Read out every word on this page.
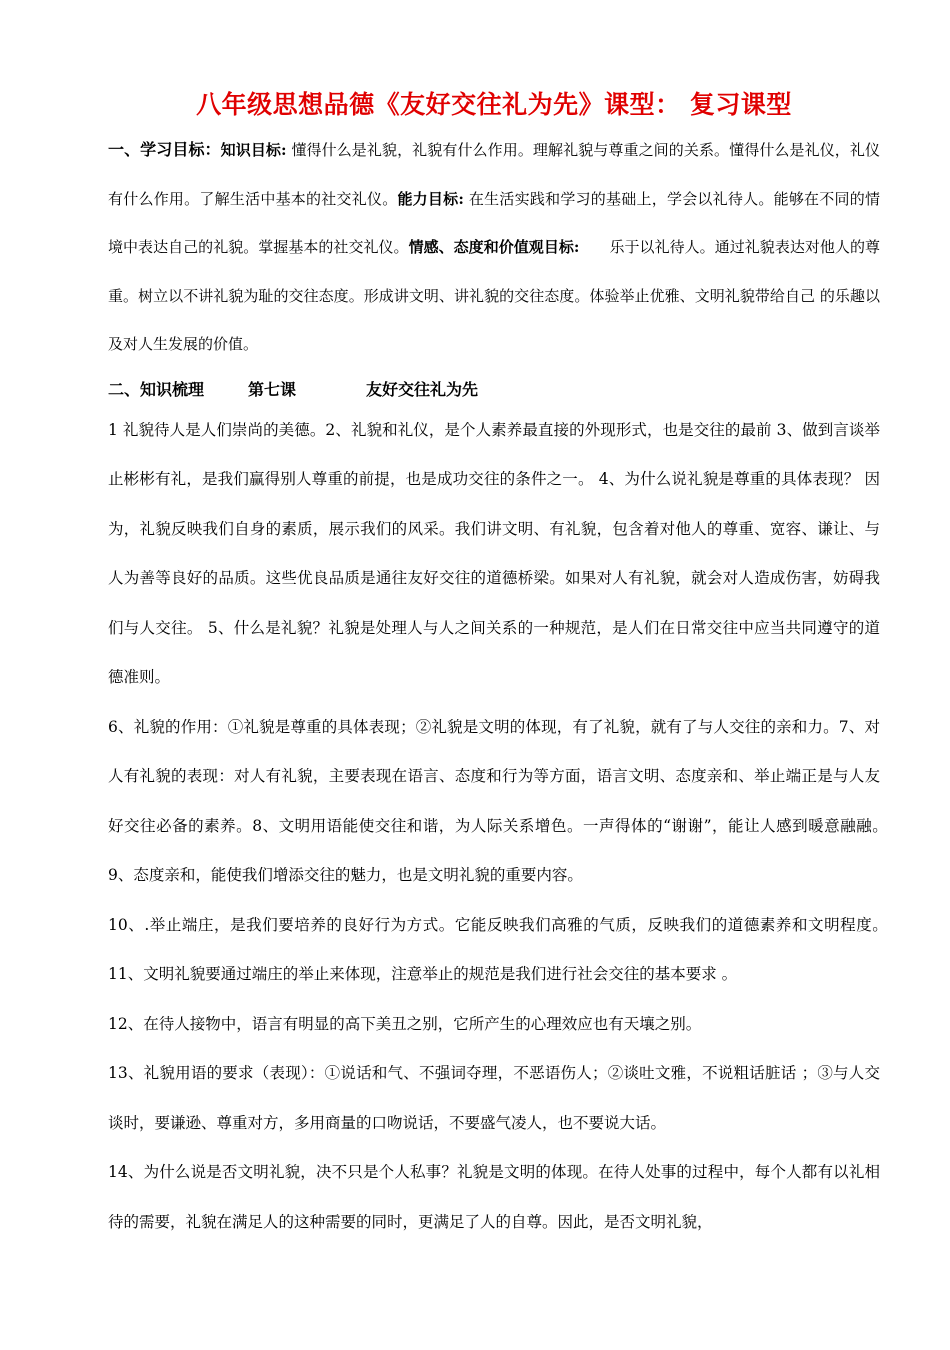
八年级思想品德《友好交往礼为先》课型： 复习课型

一、学习目标：知识目标: 懂得什么是礼貌，礼貌有什么作用。理解礼貌与尊重之间的关系。懂得什么是礼仪，礼仪有什么作用。了解生活中基本的社交礼仪。能力目标: 在生活实践和学习的基础上，学会以礼待人。能够在不同的情境中表达自己的礼貌。掌握基本的社交礼仪。情感、态度和价值观目标:　　乐于以礼待人。通过礼貌表达对他人的尊重。树立以不讲礼貌为耻的交往态度。形成讲文明、讲礼貌的交往态度。体验举止优雅、文明礼貌带给自己 的乐趣以及对人生发展的价值。

二、知识梳理	第七课	友好交往礼为先

1 礼貌待人是人们崇尚的美德。2、礼貌和礼仪，是个人素养最直接的外现形式，也是交往的最前 3、做到言谈举止彬彬有礼，是我们赢得别人尊重的前提，也是成功交往的条件之一。 4、为什么说礼貌是尊重的具体表现？ 因为，礼貌反映我们自身的素质，展示我们的风采。我们讲文明、有礼貌，包含着对他人的尊重、宽容、谦让、与人为善等良好的品质。这些优良品质是通往友好交往的道德桥梁。如果对人有礼貌，就会对人造成伤害，妨碍我们与人交往。 5、什么是礼貌？礼貌是处理人与人之间关系的一种规范，是人们在日常交往中应当共同遵守的道德准则。

6、礼貌的作用：①礼貌是尊重的具体表现；②礼貌是文明的体现，有了礼貌，就有了与人交往的亲和力。7、对人有礼貌的表现：对人有礼貌，主要表现在语言、态度和行为等方面，语言文明、态度亲和、举止端正是与人友好交往必备的素养。8、文明用语能使交往和谐，为人际关系增色。一声得体的“谢谢”，能让人感到暖意融融。　　9、态度亲和，能使我们增添交往的魅力，也是文明礼貌的重要内容。

10、.举止端庄，是我们要培养的良好行为方式。它能反映我们高雅的气质，反映我们的道德素养和文明程度。　11、文明礼貌要通过端庄的举止来体现，注意举止的规范是我们进行社会交往的基本要求 。

12、在待人接物中，语言有明显的高下美丑之别，它所产生的心理效应也有天壤之别。

13、礼貌用语的要求（表现）：①说话和气、不强词夺理，不恶语伤人；②谈吐文雅，不说粗话脏话 ；③与人交谈时，要谦逊、尊重对方，多用商量的口吻说话，不要盛气凌人，也不要说大话。

14、为什么说是否文明礼貌，决不只是个人私事？礼貌是文明的体现。在待人处事的过程中，每个人都有以礼相待的需要，礼貌在满足人的这种需要的同时，更满足了人的自尊。因此，是否文明礼貌，
